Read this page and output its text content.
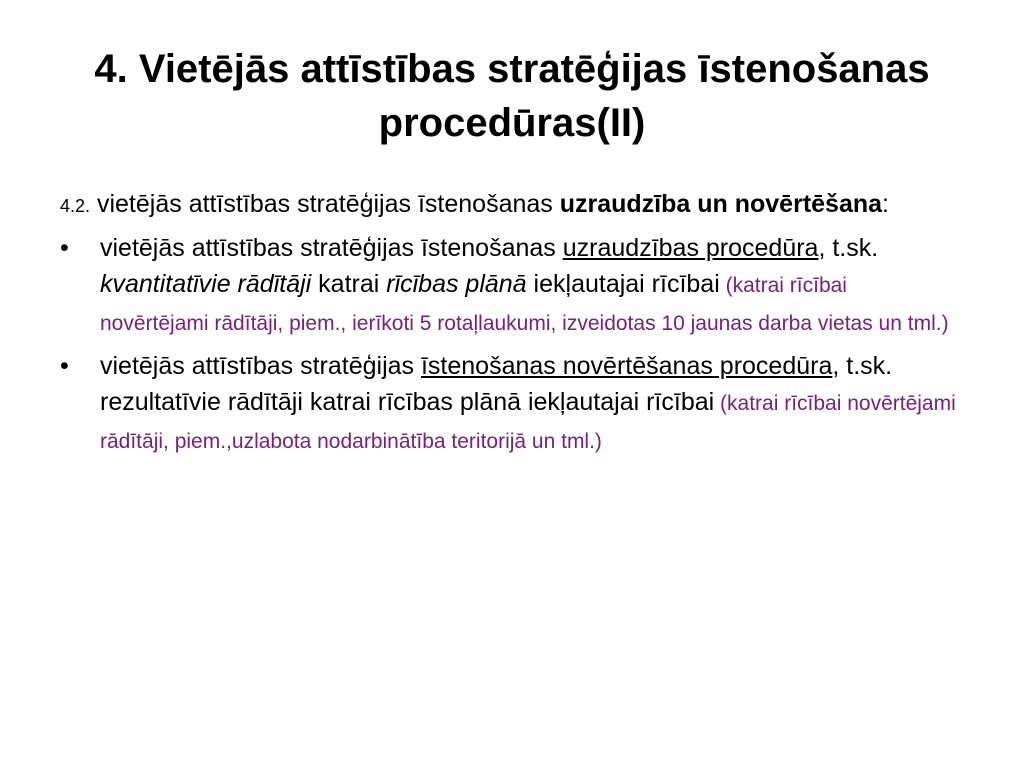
4. Vietējās attīstības stratēģijas īstenošanas
procedūras(II)
4.2. vietējās attīstības stratēģijas īstenošanas uzraudzība un novērtēšana:
•	vietējās attīstības stratēģijas īstenošanas uzraudzības procedūra, t.sk. kvantitatīvie rādītāji katrai rīcības plānā iekļautajai rīcībai (katrai rīcībai novērtējami rādītāji, piem., ierīkoti 5 rotaļlaukumi, izveidotas 10 jaunas darba vietas un tml.)
•	vietējās attīstības stratēģijas īstenošanas novērtēšanas procedūra, t.sk. rezultatīvie rādītāji katrai rīcības plānā iekļautajai rīcībai (katrai rīcībai novērtējami rādītāji, piem.,uzlabota nodarbinātība teritorijā un tml.)
